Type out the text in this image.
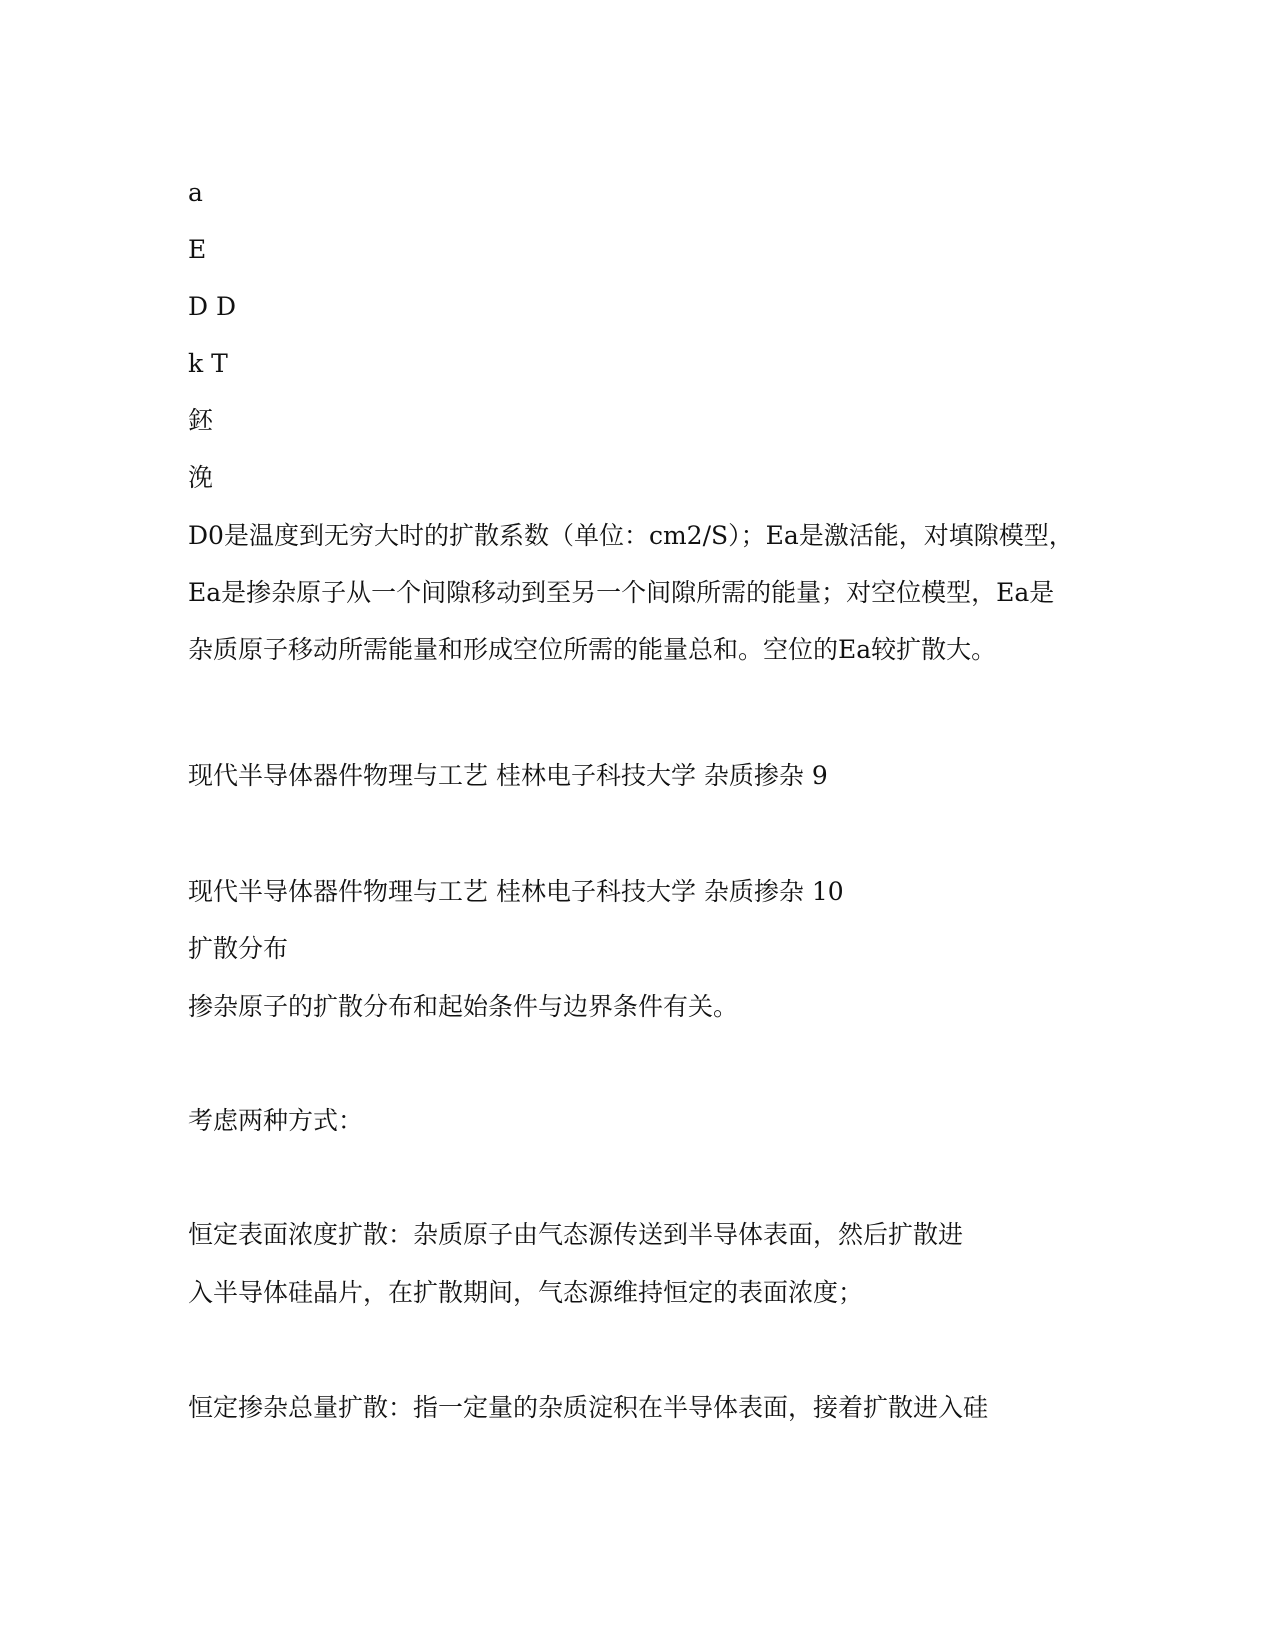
a

E

D D

k T

鉟

浼

D0是温度到无穷大时的扩散系数（单位：cm2/S）；Ea是激活能，对填隙模型，

Ea是掺杂原子从一个间隙移动到至另一个间隙所需的能量；对空位模型，Ea是

杂质原子移动所需能量和形成空位所需的能量总和。空位的Ea较扩散大。

现代半导体器件物理与工艺 桂林电子科技大学 杂质掺杂 9

现代半导体器件物理与工艺 桂林电子科技大学 杂质掺杂 10

扩散分布

掺杂原子的扩散分布和起始条件与边界条件有关。

考虑两种方式：

恒定表面浓度扩散：杂质原子由气态源传送到半导体表面，然后扩散进

入半导体硅晶片，在扩散期间，气态源维持恒定的表面浓度；

恒定掺杂总量扩散：指一定量的杂质淀积在半导体表面，接着扩散进入硅
